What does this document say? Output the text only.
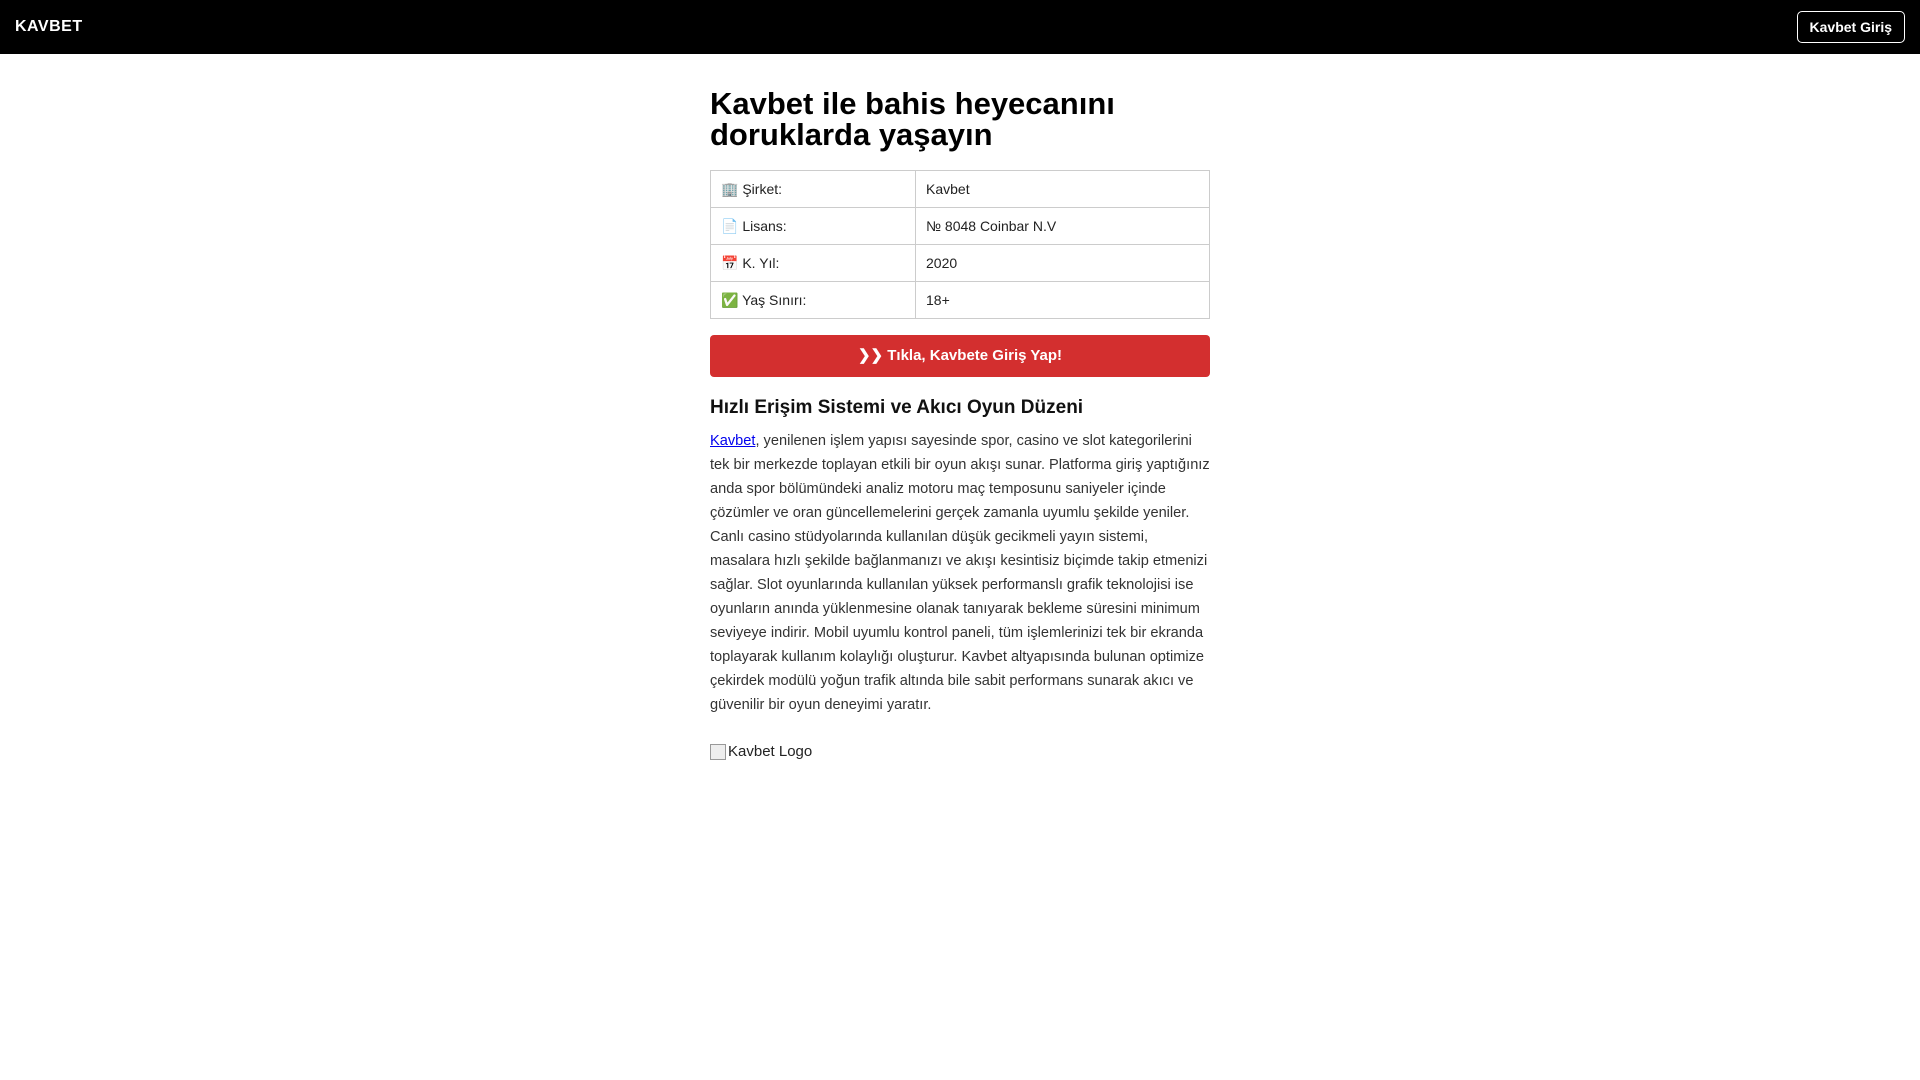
KAVBET	Kavbet Giriş
Kavbet ile bahis heyecanını doruklarda yaşayın
🏢 Şirket:	Kavbet
📄 Lisans:	№ 8048 Coinbar N.V
📅 K. Yıl:	2020
✅ Yaş Sınırı:	18+
❯❯ Tıkla, Kavbete Giriş Yap!
Hızlı Erişim Sistemi ve Akıcı Oyun Düzeni

Kavbet, yenilenen işlem yapısı sayesinde spor, casino ve slot kategorilerini tek bir merkezde toplayan etkili bir oyun akışı sunar. Platforma giriş yaptığınız anda spor bölümündeki analiz motoru maç temposunu saniyeler içinde çözümler ve oran güncellemelerini gerçek zamanla uyumlu şekilde yeniler. Canlı casino stüdyolarında kullanılan düşük gecikmeli yayın sistemi, masalara hızlı şekilde bağlanmanızı ve akışı kesintisiz biçimde takip etmenizi sağlar. Slot oyunlarında kullanılan yüksek performanslı grafik teknolojisi ise oyunların anında yüklenmesine olanak tanıyarak bekleme süresini minimum seviyeye indirir. Mobil uyumlu kontrol paneli, tüm işlemlerinizi tek bir ekranda toplayarak kullanım kolaylığı oluşturur. Kavbet altyapısında bulunan optimize çekirdek modülü yoğun trafik altında bile sabit performans sunarak akıcı ve güvenilir bir oyun deneyimi yaratır.

Kavbet Logo
